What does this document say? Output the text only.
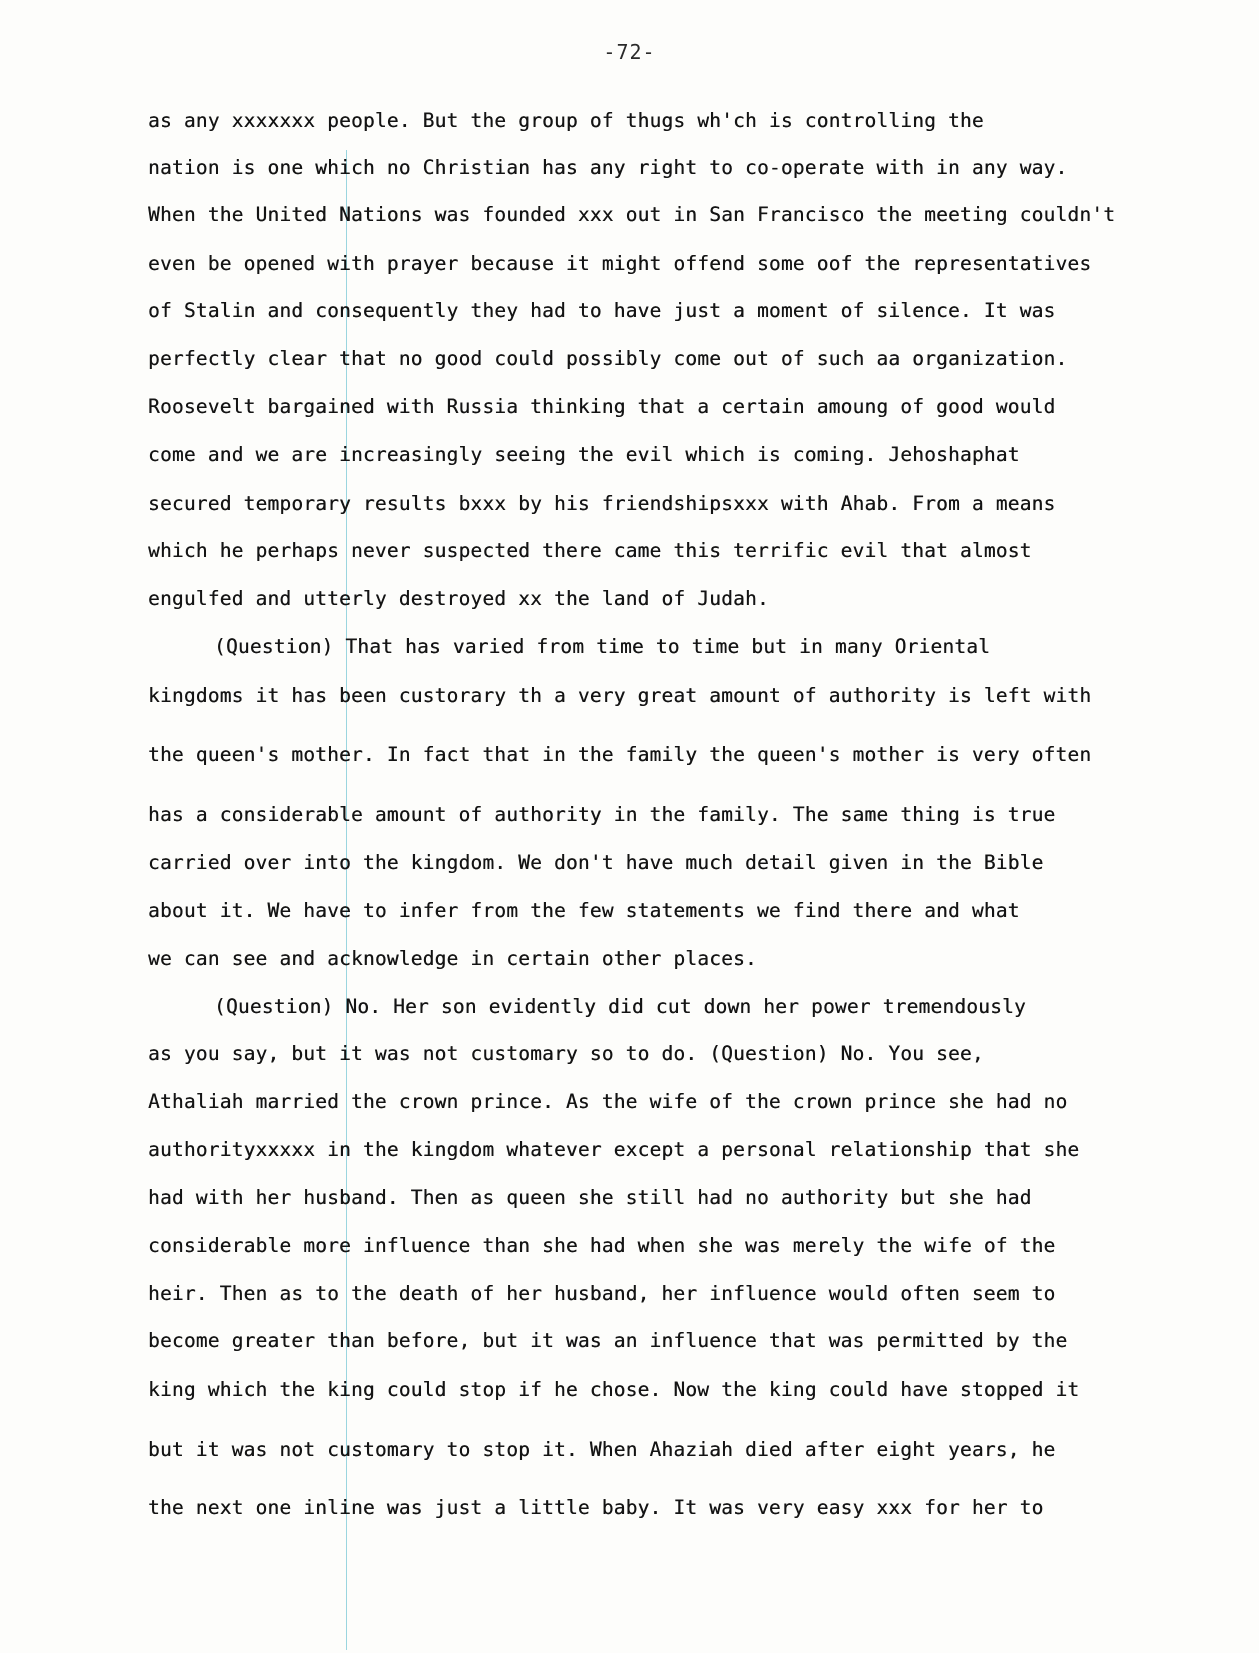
-72-
as any xxxxxxx people. But the group of thugs wh'ch is controlling the
nation is one which no Christian has any right to co-operate with in any way.
When the United Nations was founded xxx out in San Francisco the meeting couldn't
even be opened with prayer because it might offend some oof the representatives
of Stalin and consequently they had to have just a moment of silence. It was
perfectly clear that no good could possibly come out of such aa organization.
Roosevelt bargained with Russia thinking that a certain amoung of good would
come and we are increasingly seeing the evil which is coming. Jehoshaphat
secured temporary results bxxx by his friendshipsxxx with Ahab. From a means
which he perhaps never suspected there came this terrific evil that almost
engulfed and utterly destroyed xx the land of Judah.
(Question) That has varied from time to time but in many Oriental
kingdoms it has been custorary th a very great amount of authority is left with
the queen's mother. In fact that in the family the queen's mother is very often
has a considerable amount of authority in the family. The same thing is true
carried over into the kingdom. We don't have much detail given in the Bible
about it. We have to infer from the few statements we find there and what
we can see and acknowledge in certain other places.
(Question) No. Her son evidently did cut down her power tremendously
as you say, but it was not customary so to do. (Question) No. You see,
Athaliah married the crown prince. As the wife of the crown prince she had no
authorityxxxxx in the kingdom whatever except a personal relationship that she
had with her husband. Then as queen she still had no authority but she had
considerable more influence than she had when she was merely the wife of the
heir. Then as to the death of her husband, her influence would often seem to
become greater than before, but it was an influence that was permitted by the
king which the king could stop if he chose. Now the king could have stopped it
but it was not customary to stop it. When Ahaziah died after eight years, he
the next one inline was just a little baby. It was very easy xxx for her to
